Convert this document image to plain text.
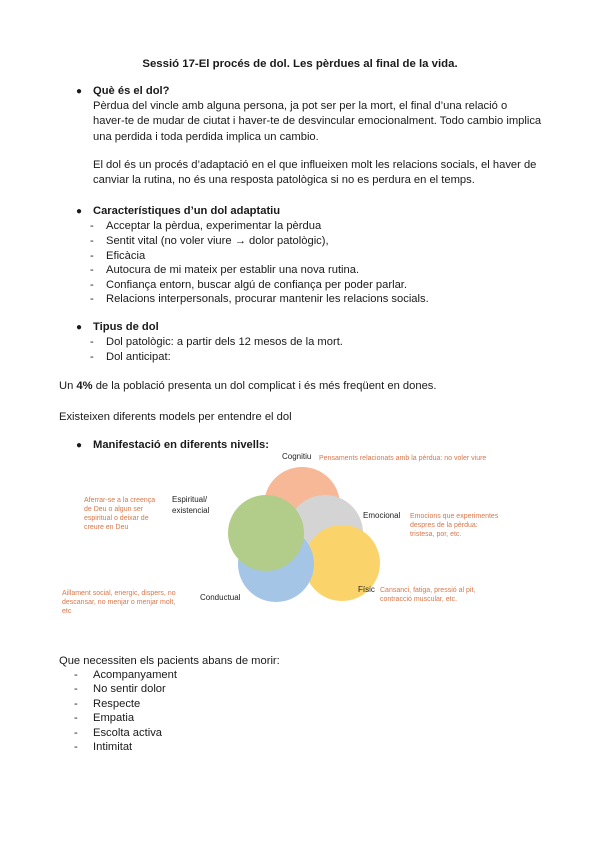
Sessió 17-El procés de dol. Les pèrdues al final de la vida.
● Què és el dol?
Pèrdua del vincle amb alguna persona, ja pot ser per la mort, el final d’una relació o
haver-te de mudar de ciutat i haver-te de desvincular emocionalment. Todo cambio implica
una perdida i toda perdida implica un cambio.
El dol és un procés d’adaptació en el que influeixen molt les relacions socials, el haver de
canviar la rutina, no és una resposta patològica si no es perdura en el temps.
● Característiques d’un dol adaptatiu
- Acceptar la pèrdua, experimentar la pèrdua
- Sentit vital (no voler viure → dolor patològic),
- Eficàcia
- Autocura de mi mateix per establir una nova rutina.
- Confiança entorn, buscar algú de confiança per poder parlar.
- Relacions interpersonals, procurar mantenir les relacions socials.
● Tipus de dol
- Dol patològic: a partir dels 12 mesos de la mort.
- Dol anticipat:
Un 4% de la població presenta un dol complicat i és més freqüent en dones.
Existeixen diferents models per entendre el dol
● Manifestació en diferents nivells:
Cognitiu Pensaments relacionats amb la pèrdua: no voler viure
Emocional Emocions que experimentes
despres de la pèrdua:
tristesa, por, etc.
Físic Cansanci, fatiga, pressió al pit,
contracció muscular, etc.
Conductual
Aillament social, energic, dispers, no
descansar, no menjar o menjar molt,
etc
Espiritual/
existencial
Aferrar-se a la creença
de Deu o algun ser
espiritual o deixar de
creure en Deu
Que necessiten els pacients abans de morir:
- Acompanyament
- No sentir dolor
- Respecte
- Empatia
- Escolta activa
- Intimitat
